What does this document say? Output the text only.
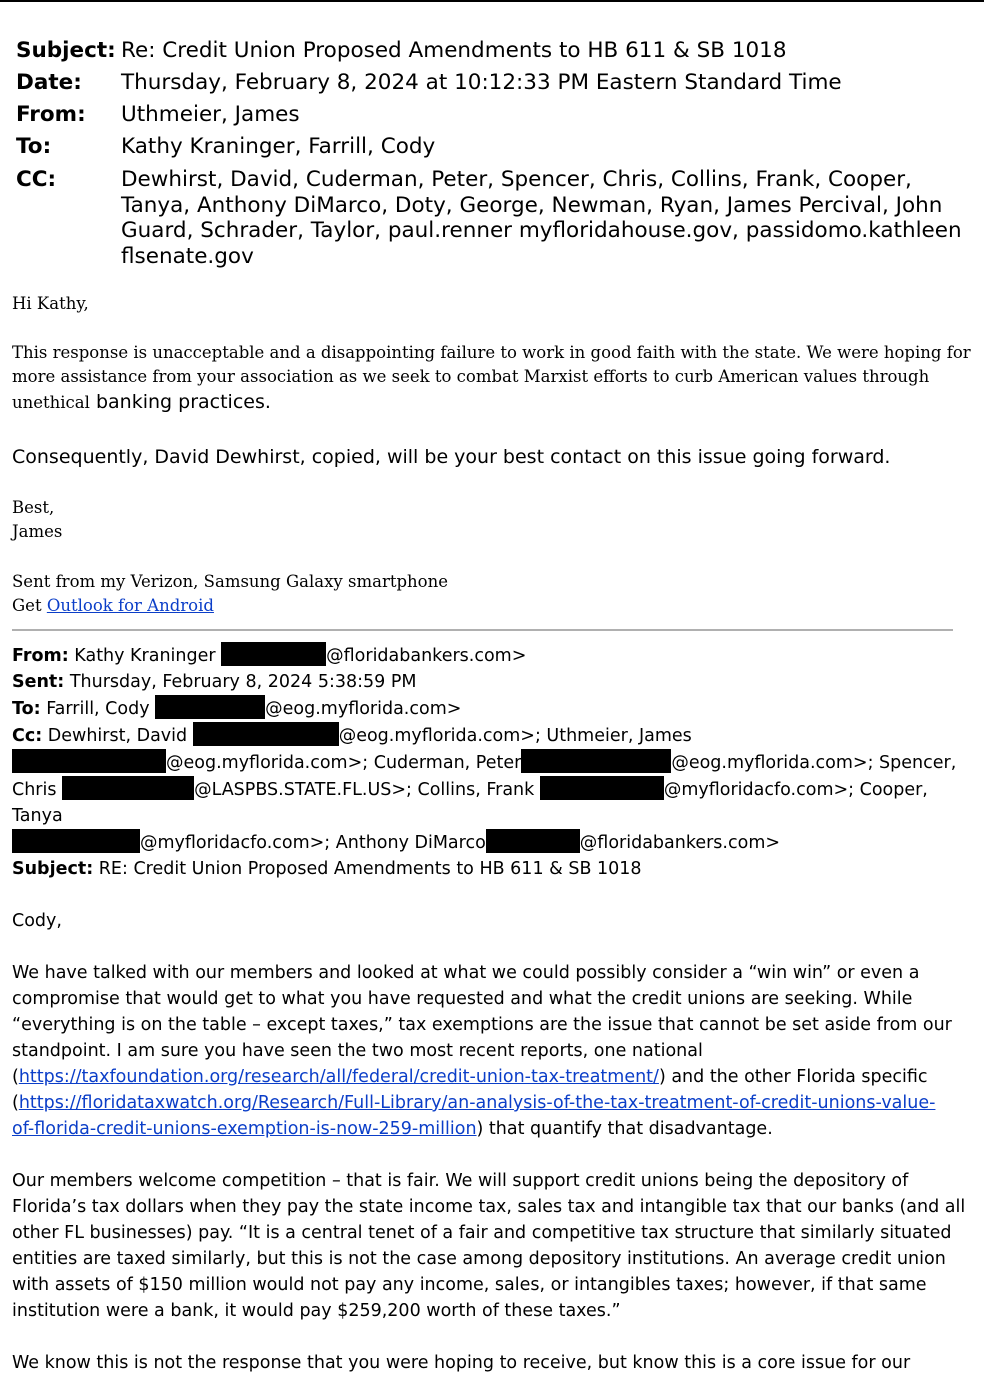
Subject: Re: Credit Union Proposed Amendments to HB 611 & SB 1018
Date:	Thursday, February 8, 2024 at 10:12:33 PM Eastern Standard Time
From:	Uthmeier, James
To:	Kathy Kraninger, Farrill, Cody
CC:	Dewhirst, David, Cuderman, Peter, Spencer, Chris, Collins, Frank, Cooper,
Tanya, Anthony DiMarco, Doty, George, Newman, Ryan, James Percival, John
Guard, Schrader, Taylor, paul.renner myfloridahouse.gov, passidomo.kathleen
flsenate.gov

Hi Kathy,

This response is unacceptable and a disappointing failure to work in good faith with the state. We were hoping for

more assistance from your association as we seek to combat Marxist efforts to curb American values through

unethical banking practices.

Consequently, David Dewhirst, copied, will be your best contact on this issue going forward.

Best,

James

Sent from my Verizon, Samsung Galaxy smartphone

Get Outlook for Android

From: Kathy Kraninger	@floridabankers.com>

Sent: Thursday, February 8, 2024 5:38:59 PM

To: Farrill, Cody	@eog.myflorida.com>

Cc: Dewhirst, David	@eog.myflorida.com>; Uthmeier, James

@eog.myflorida.com>; Cuderman, Peter	@eog.myflorida.com>; Spencer,

Chris	@LASPBS.STATE.FL.US>; Collins, Frank	@myfloridacfo.com>; Cooper, Tanya

@myfloridacfo.com>; Anthony DiMarco	@floridabankers.com>

Subject: RE: Credit Union Proposed Amendments to HB 611 & SB 1018

Cody,

We have talked with our members and looked at what we could possibly consider a “win win” or even a

compromise that would get to what you have requested and what the credit unions are seeking. While

“everything is on the table – except taxes,” tax exemptions are the issue that cannot be set aside from our

standpoint. I am sure you have seen the two most recent reports, one national

(https://taxfoundation.org/research/all/federal/credit-union-tax-treatment/) and the other Florida specific

(https://floridataxwatch.org/Research/Full-Library/an-analysis-of-the-tax-treatment-of-credit-unions-value-

of-florida-credit-unions-exemption-is-now-259-million) that quantify that disadvantage.

Our members welcome competition – that is fair. We will support credit unions being the depository of

Florida’s tax dollars when they pay the state income tax, sales tax and intangible tax that our banks (and all

other FL businesses) pay. “It is a central tenet of a fair and competitive tax structure that similarly situated

entities are taxed similarly, but this is not the case among depository institutions. An average credit union

with assets of $150 million would not pay any income, sales, or intangibles taxes; however, if that same

institution were a bank, it would pay $259,200 worth of these taxes.”

We know this is not the response that you were hoping to receive, but know this is a core issue for our
